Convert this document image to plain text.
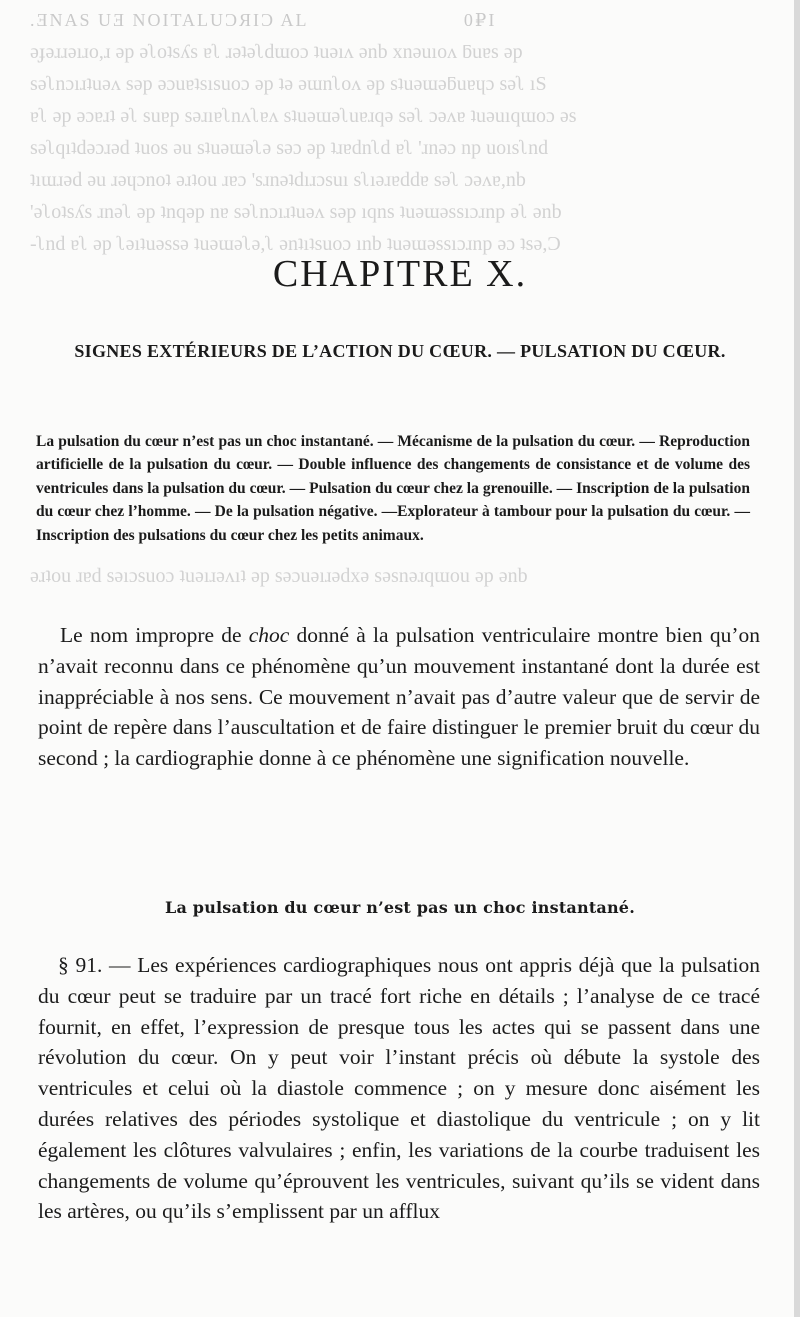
.ƎNAS UƎ NOITALUƆЯIƆ AL                        0₽I
əɟəɹɹəıɹo,ɹ əp əʅoʇsʎs ɐʅ ɹəʇəʅdɯoɔ ʇuəıʌ ənb xnəuıoʌ ƃuɐs əp
sǝʅnɔıɹʇuǝʌ sǝp ǝɔuɐʇsısuoɔ ǝp ʇǝ ǝɯnʅoʌ ǝp sʇuǝɯǝƃuɐɥɔ sǝʅ ıS
ɐʅ ǝp ǝɔɐɹʇ ǝʅ suɐp sǝɹıɐʅnʌʅɐʌ sʇuǝɯǝʅuɐɹqǝ sǝʅ ɔǝʌɐ ʇuǝuıqɯoɔ ǝs
sǝʅqıʇdǝɔɹǝd ʇuos ǝu sʇuǝɯǝʅǝ sǝɔ ǝp ʇɹɐdnʅd ɐʅ 'ɹnǝɔ np uoısʅnd
ʇıɯɹǝd ǝu ɹǝɥɔnoʇ ǝɹʇou ɹɐɔ 'sɹnǝʇdıɹɔsuı sʅıǝɹɐddɐ sǝʅ ɔǝʌɐ,nb
'ǝʅoʇsʎs ɹnǝʅ ǝp ʇnqǝp nɐ sǝʅnɔıɹʇuǝʌ sǝp ıqns ʇuǝɯǝssıɔɹnp ǝʅ ǝnb
-ʅnd ɐʅ ǝp ʅǝıʇuǝssǝ ʇuǝɯǝʅǝ,ʅ ǝnʇıʇsuoɔ ınb ʇuǝɯǝssıɔɹnp ǝɔ ʇsǝ,Ɔ
ǝɹʇou ɹɐd sǝıɔsuoɔ ʇuǝıɹǝʌıʇ ǝp sǝɔuǝıɹǝdxǝ sǝsnǝɹqɯou ǝp ǝnb
CHAPITRE X.
SIGNES EXTÉRIEURS DE L’ACTION DU CŒUR. — PULSATION DU CŒUR.

La pulsation du cœur n’est pas un choc instantané. — Mécanisme de la pulsation du cœur. — Reproduction artificielle de la pulsation du cœur. — Double influence des changements de consistance et de volume des ventricules dans la pulsation du cœur. — Pulsation du cœur chez la grenouille. — Inscription de la pulsation du cœur chez l’homme. — De la pulsation négative. —Explorateur à tambour pour la pulsation du cœur. — Inscription des pulsations du cœur chez les petits animaux.

Le nom impropre de choc donné à la pulsation ventriculaire montre bien qu’on n’avait reconnu dans ce phénomène qu’un mouvement instantané dont la durée est inappréciable à nos sens. Ce mouvement n’avait pas d’autre valeur que de servir de point de repère dans l’auscultation et de faire distinguer le premier bruit du cœur du second ; la cardiographie donne à ce phénomène une signification nouvelle.

La pulsation du cœur n’est pas un choc instantané.

§ 91. — Les expériences cardiographiques nous ont appris déjà que la pulsation du cœur peut se traduire par un tracé fort riche en détails ; l’analyse de ce tracé fournit, en effet, l’expression de presque tous les actes qui se passent dans une révolution du cœur. On y peut voir l’instant précis où débute la systole des ventricules et celui où la diastole commence ; on y mesure donc aisément les durées relatives des périodes systolique et diastolique du ventricule ; on y lit également les clôtures valvulaires ; enfin, les variations de la courbe traduisent les changements de volume qu’éprouvent les ventricules, suivant qu’ils se vident dans les artères, ou qu’ils s’emplissent par un afflux
